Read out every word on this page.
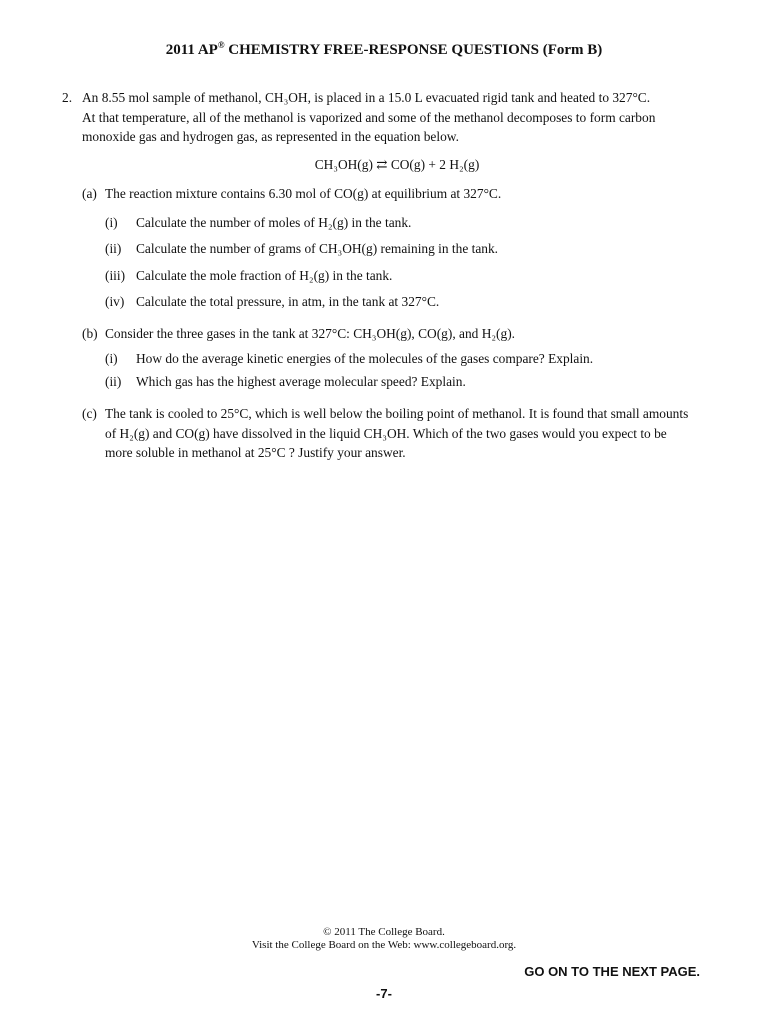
2011 AP® CHEMISTRY FREE-RESPONSE QUESTIONS (Form B)
2. An 8.55 mol sample of methanol, CH₃OH, is placed in a 15.0 L evacuated rigid tank and heated to 327°C.
At that temperature, all of the methanol is vaporized and some of the methanol decomposes to form carbon
monoxide gas and hydrogen gas, as represented in the equation below.
CH₃OH(g) ⇄ CO(g) + 2 H₂(g)
(a) The reaction mixture contains 6.30 mol of CO(g) at equilibrium at 327°C.
(i)	Calculate the number of moles of H₂(g) in the tank.
(ii)	Calculate the number of grams of CH₃OH(g) remaining in the tank.
(iii) Calculate the mole fraction of H₂(g) in the tank.
(iv) Calculate the total pressure, in atm, in the tank at 327°C.
(b) Consider the three gases in the tank at 327°C: CH₃OH(g), CO(g), and H₂(g).
(i)	How do the average kinetic energies of the molecules of the gases compare? Explain.
(ii)	Which gas has the highest average molecular speed? Explain.
(c) The tank is cooled to 25°C, which is well below the boiling point of methanol. It is found that small amounts
of H₂(g) and CO(g) have dissolved in the liquid CH₃OH. Which of the two gases would you expect to be
more soluble in methanol at 25°C ? Justify your answer.
© 2011 The College Board.
Visit the College Board on the Web: www.collegeboard.org.
GO ON TO THE NEXT PAGE.
-7-
